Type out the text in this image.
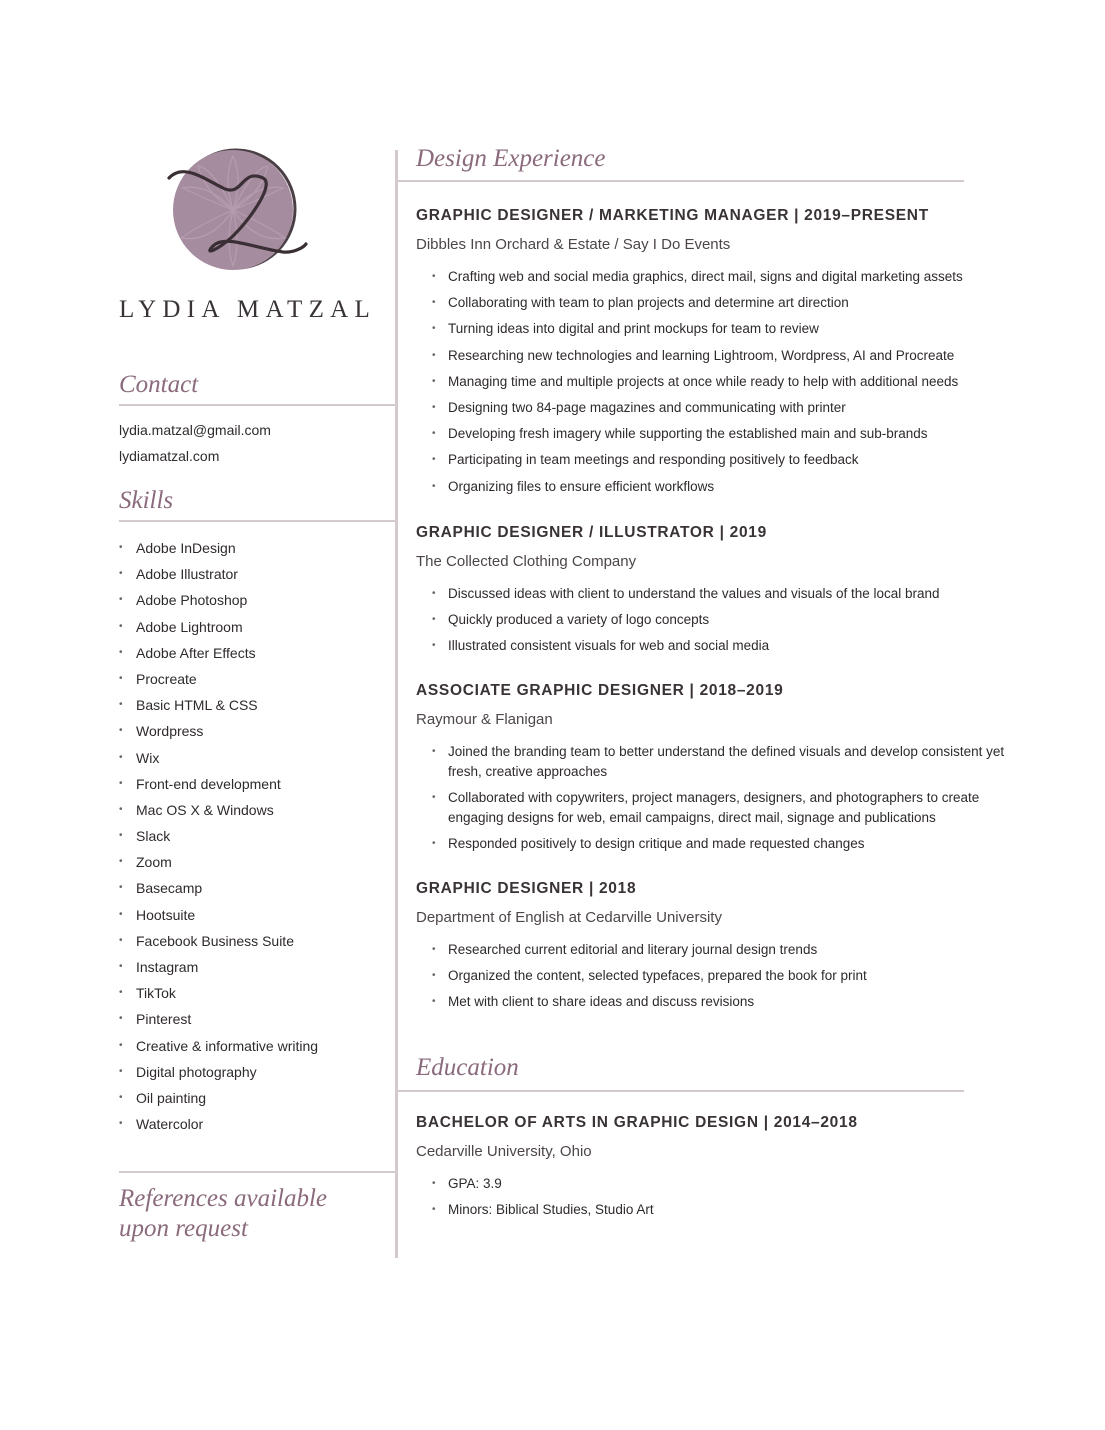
LYDIA MATZAL
Contact

lydia.matzal@gmail.com

lydiamatzal.com

Skills
• Adobe InDesign
• Adobe Illustrator
• Adobe Photoshop
• Adobe Lightroom
• Adobe After Effects
• Procreate
• Basic HTML & CSS
• Wordpress
• Wix
• Front-end development
• Mac OS X & Windows
• Slack
• Zoom
• Basecamp
• Hootsuite
• Facebook Business Suite
• Instagram
• TikTok
• Pinterest
• Creative & informative writing
• Digital photography
• Oil painting
• Watercolor

References available
upon request

Design Experience
GRAPHIC DESIGNER / MARKETING MANAGER | 2019–PRESENT

Dibbles Inn Orchard & Estate / Say I Do Events

• Crafting web and social media graphics, direct mail, signs and digital marketing assets
• Collaborating with team to plan projects and determine art direction
• Turning ideas into digital and print mockups for team to review
• Researching new technologies and learning Lightroom, Wordpress, AI and Procreate
• Managing time and multiple projects at once while ready to help with additional needs
• Designing two 84-page magazines and communicating with printer
• Developing fresh imagery while supporting the established main and sub-brands
• Participating in team meetings and responding positively to feedback
• Organizing files to ensure efficient workflows
GRAPHIC DESIGNER / ILLUSTRATOR | 2019

The Collected Clothing Company

• Discussed ideas with client to understand the values and visuals of the local brand
• Quickly produced a variety of logo concepts
• Illustrated consistent visuals for web and social media
ASSOCIATE GRAPHIC DESIGNER | 2018–2019

Raymour & Flanigan

• Joined the branding team to better understand the defined visuals and develop consistent yet fresh, creative approaches
• Collaborated with copywriters, project managers, designers, and photographers to create engaging designs for web, email campaigns, direct mail, signage and publications
• Responded positively to design critique and made requested changes
GRAPHIC DESIGNER | 2018

Department of English at Cedarville University

• Researched current editorial and literary journal design trends
• Organized the content, selected typefaces, prepared the book for print
• Met with client to share ideas and discuss revisions
Education
BACHELOR OF ARTS IN GRAPHIC DESIGN | 2014–2018

Cedarville University, Ohio

• GPA: 3.9
• Minors: Biblical Studies, Studio Art
